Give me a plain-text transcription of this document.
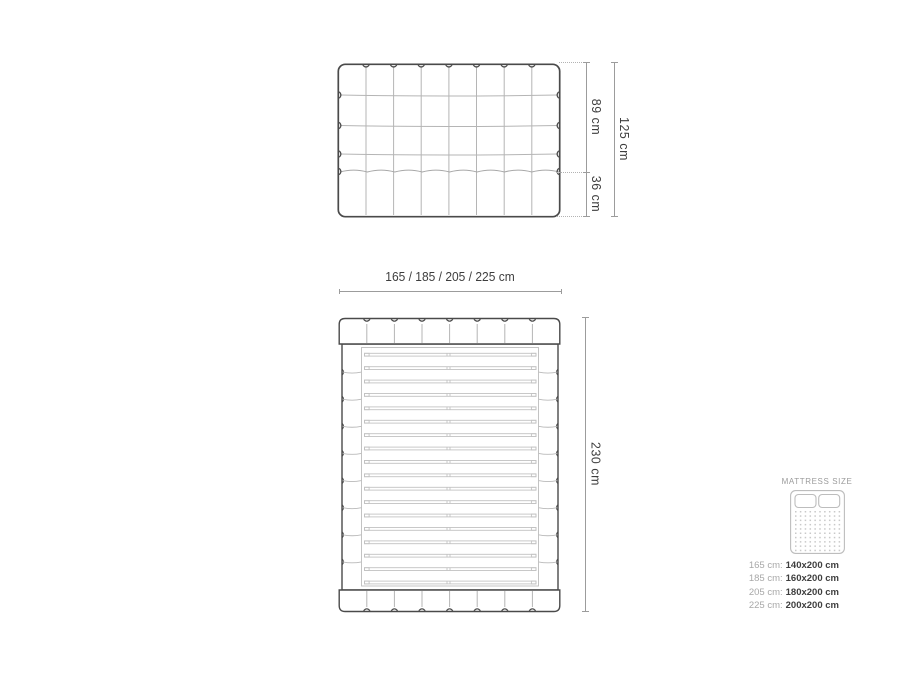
89 cm
36 cm
125 cm
165 / 185 / 205 / 225 cm
230 cm	MATTRESS SIZE
165 cm: 140x200 cm
185 cm: 160x200 cm
205 cm: 180x200 cm
225 cm: 200x200 cm
